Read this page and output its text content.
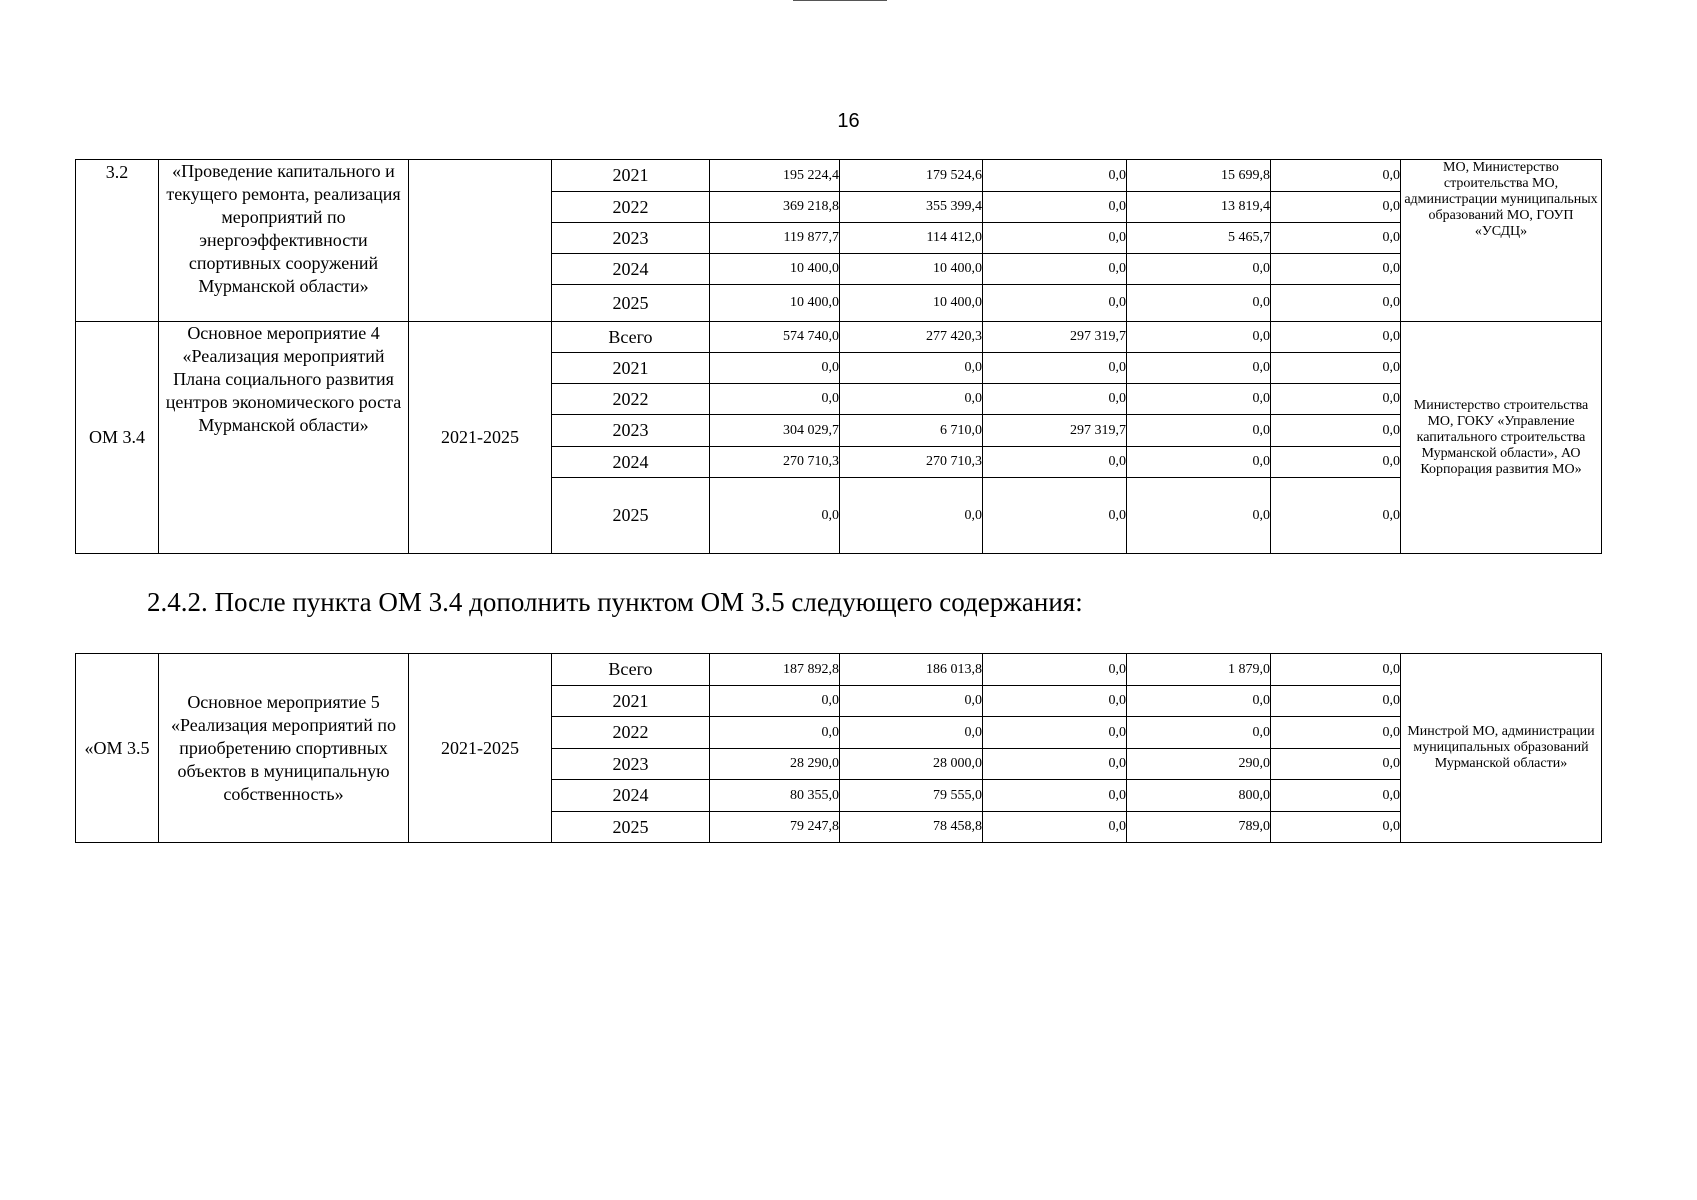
16
3.2	«Проведение капитального и текущего ремонта, реализация мероприятий по энергоэффективности спортивных сооружений Мурманской области»		2021	195 224,4	179 524,6	0,0	15 699,8	0,0	МО, Министерство строительства МО, администрации муниципальных образований МО, ГОУП «УСДЦ»
			2022	369 218,8	355 399,4	0,0	13 819,4	0,0	
			2023	119 877,7	114 412,0	0,0	5 465,7	0,0	
			2024	10 400,0	10 400,0	0,0	0,0	0,0	
			2025	10 400,0	10 400,0	0,0	0,0	0,0	
ОМ 3.4	Основное мероприятие 4 «Реализация мероприятий Плана социального развития центров экономического роста Мурманской области»	2021-2025	Всего	574 740,0	277 420,3	297 319,7	0,0	0,0	Министерство строительства МО, ГОКУ «Управление капитального строительства Мурманской области», АО Корпорация развития МО»
			2021	0,0	0,0	0,0	0,0	0,0	
			2022	0,0	0,0	0,0	0,0	0,0	
			2023	304 029,7	6 710,0	297 319,7	0,0	0,0	
			2024	270 710,3	270 710,3	0,0	0,0	0,0	
			2025	0,0	0,0	0,0	0,0	0,0	
2.4.2. После пункта ОМ 3.4 дополнить пунктом ОМ 3.5 следующего содержания:
«ОМ 3.5	Основное мероприятие 5 «Реализация мероприятий по приобретению спортивных объектов в муниципальную собственность»	2021-2025	Всего	187 892,8	186 013,8	0,0	1 879,0	0,0	Минстрой МО, администрации муниципальных образований Мурманской области»
			2021	0,0	0,0	0,0	0,0	0,0	
			2022	0,0	0,0	0,0	0,0	0,0	
			2023	28 290,0	28 000,0	0,0	290,0	0,0	
			2024	80 355,0	79 555,0	0,0	800,0	0,0	
			2025	79 247,8	78 458,8	0,0	789,0	0,0	
